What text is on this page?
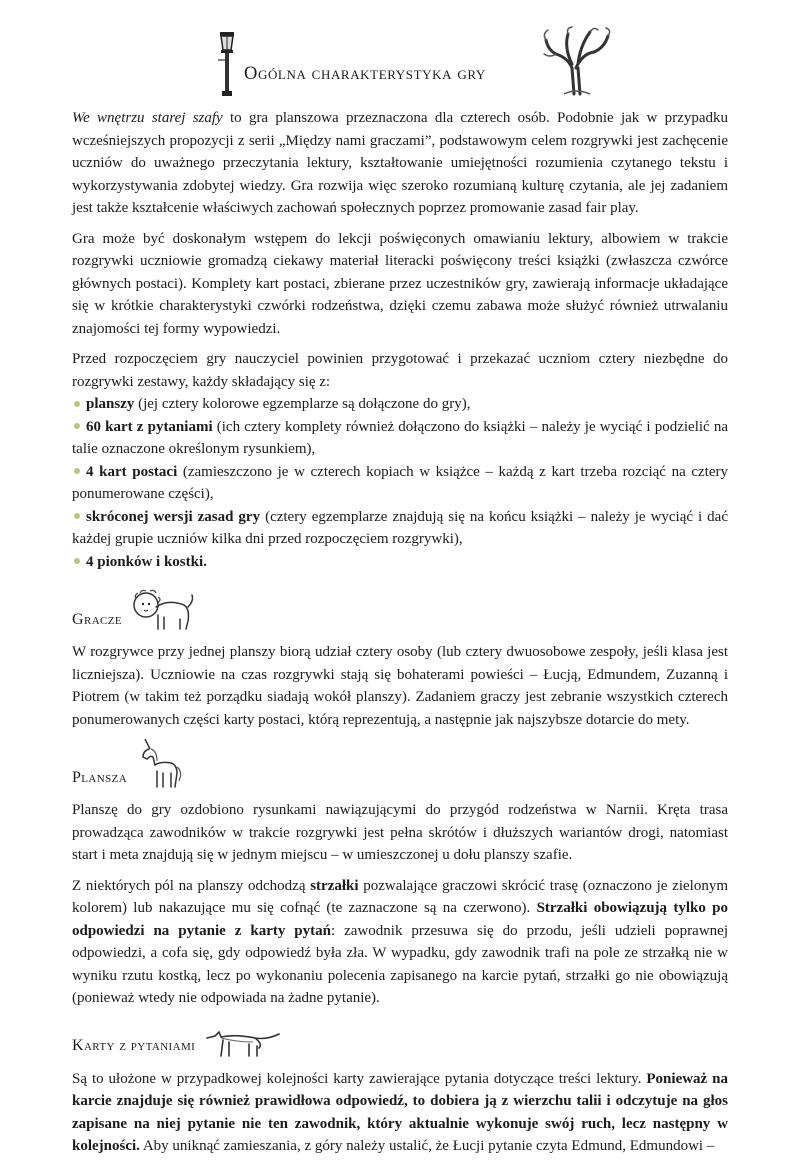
Ogólna charakterystyka gry

We wnętrzu starej szafy to gra planszowa przeznaczona dla czterech osób. Podobnie jak w przypadku wcześniejszych propozycji z serii „Między nami graczami”, podstawowym celem rozgrywki jest zachęcenie uczniów do uważnego przeczytania lektury, kształtowanie umiejętności rozumienia czytanego tekstu i wykorzystywania zdobytej wiedzy. Gra rozwija więc szeroko rozumianą kulturę czytania, ale jej zadaniem jest także kształcenie właściwych zachowań społecznych poprzez promowanie zasad fair play.

Gra może być doskonałym wstępem do lekcji poświęconych omawianiu lektury, albowiem w trakcie rozgrywki uczniowie gromadzą ciekawy materiał literacki poświęcony treści książki (zwłaszcza czwórce głównych postaci). Komplety kart postaci, zbierane przez uczestników gry, zawierają informacje układające się w krótkie charakterystyki czwórki rodzeństwa, dzięki czemu zabawa może służyć również utrwalaniu znajomości tej formy wypowiedzi.

Przed rozpoczęciem gry nauczyciel powinien przygotować i przekazać uczniom cztery niezbędne do rozgrywki zestawy, każdy składający się z:

planszy (jej cztery kolorowe egzemplarze są dołączone do gry),

60 kart z pytaniami (ich cztery komplety również dołączono do książki – należy je wyciąć i podzielić na talie oznaczone określonym rysunkiem),

4 kart postaci (zamieszczono je w czterech kopiach w książce – każdą z kart trzeba rozciąć na cztery ponumerowane części),

skróconej wersji zasad gry (cztery egzemplarze znajdują się na końcu książki – należy je wyciąć i dać każdej grupie uczniów kilka dni przed rozpoczęciem rozgrywki),

4 pionków i kostki.

Gracze

W rozgrywce przy jednej planszy biorą udział cztery osoby (lub cztery dwuosobowe zespoły, jeśli klasa jest liczniejsza). Uczniowie na czas rozgrywki stają się bohaterami powieści – Łucją, Edmundem, Zuzanną i Piotrem (w takim też porządku siadają wokół planszy). Zadaniem graczy jest zebranie wszystkich czterech ponumerowanych części karty postaci, którą reprezentują, a następnie jak najszybsze dotarcie do mety.

Plansza

Planszę do gry ozdobiono rysunkami nawiązującymi do przygód rodzeństwa w Narnii. Kręta trasa prowadząca zawodników w trakcie rozgrywki jest pełna skrótów i dłuższych wariantów drogi, natomiast start i meta znajdują się w jednym miejscu – w umieszczonej u dołu planszy szafie.

Z niektórych pól na planszy odchodzą strzałki pozwalające graczowi skrócić trasę (oznaczono je zielonym kolorem) lub nakazujące mu się cofnąć (te zaznaczone są na czerwono). Strzałki obowiązują tylko po odpowiedzi na pytanie z karty pytań: zawodnik przesuwa się do przodu, jeśli udzieli poprawnej odpowiedzi, a cofa się, gdy odpowiedź była zła. W wypadku, gdy zawodnik trafi na pole ze strzałką nie w wyniku rzutu kostką, lecz po wykonaniu polecenia zapisanego na karcie pytań, strzałki go nie obowiązują (ponieważ wtedy nie odpowiada na żadne pytanie).

Karty z pytaniami

Są to ułożone w przypadkowej kolejności karty zawierające pytania dotyczące treści lektury. Ponieważ na karcie znajduje się również prawidłowa odpowiedź, to dobiera ją z wierzchu talii i odczytuje na głos zapisane na niej pytanie nie ten zawodnik, który aktualnie wykonuje swój ruch, lecz następny w kolejności. Aby uniknąć zamieszania, z góry należy ustalić, że Łucji pytanie czyta Edmund, Edmundowi –
